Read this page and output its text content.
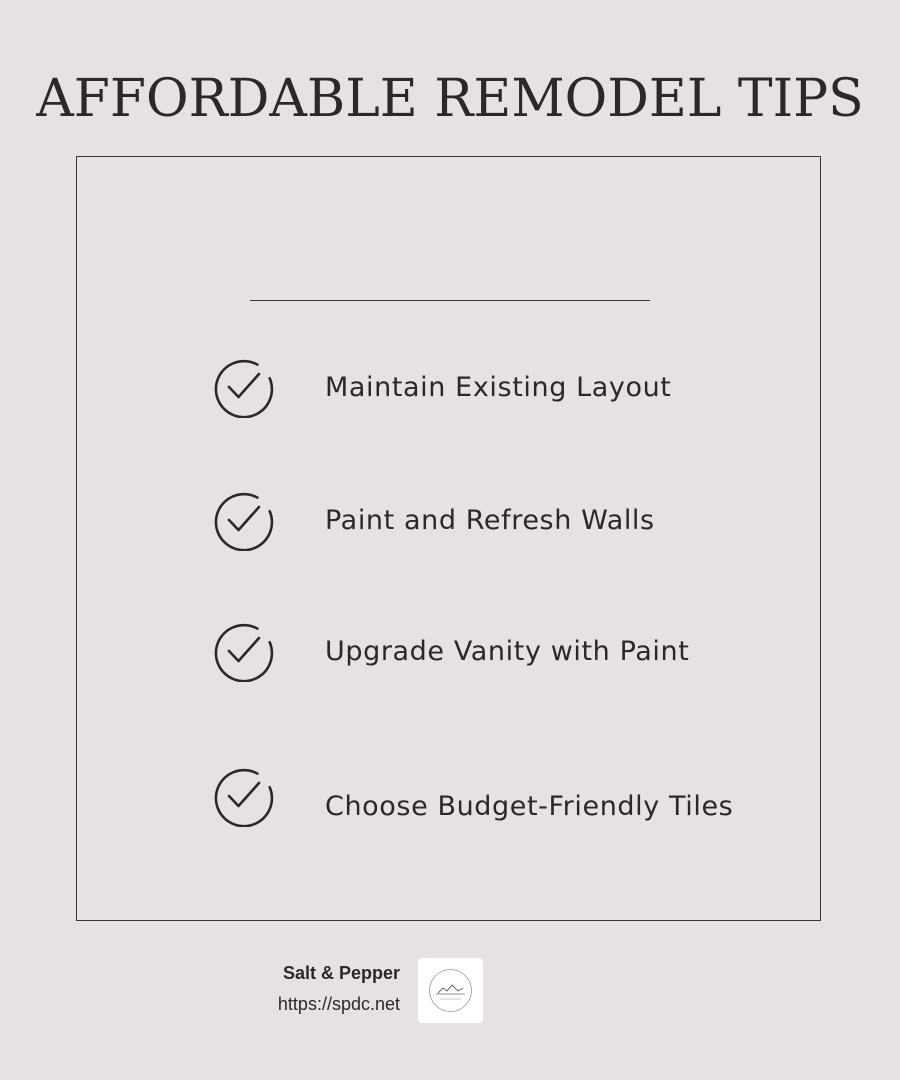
AFFORDABLE REMODEL TIPS
Maintain Existing Layout
Paint and Refresh Walls
Upgrade Vanity with Paint
Choose Budget-Friendly Tiles
Salt & Pepper
https://spdc.net
